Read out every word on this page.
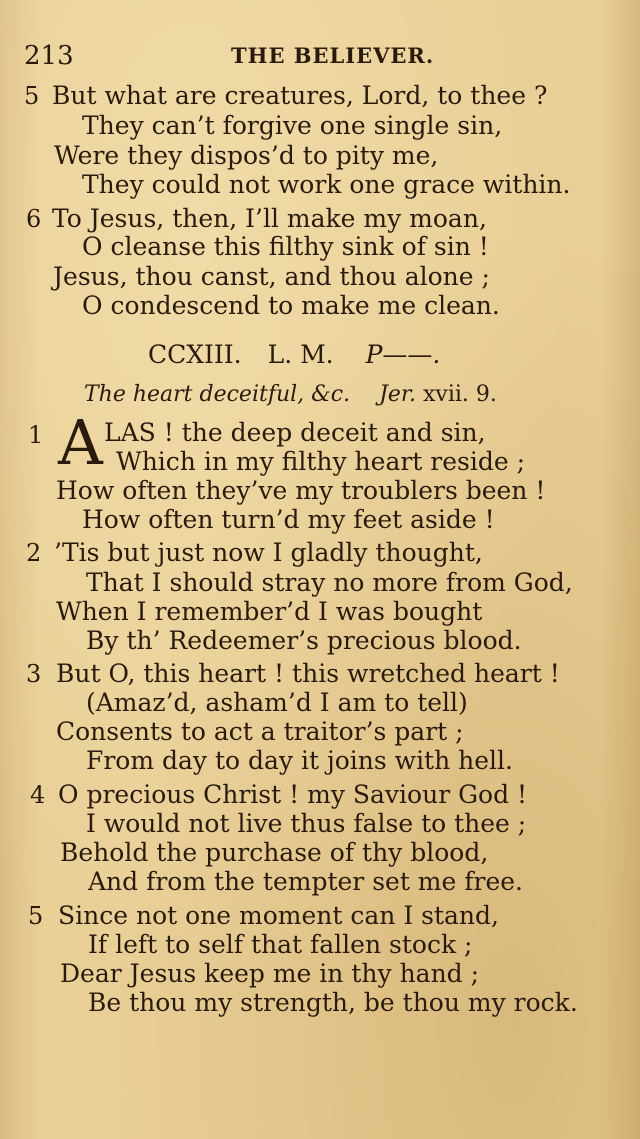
213	THE BELIEVER.
5 But what are creatures, Lord, to thee ?
They can’t forgive one single sin,
Were they dispos’d to pity me,
They could not work one grace within.
6 To Jesus, then, I’ll make my moan,
O cleanse this filthy sink of sin !
Jesus, thou canst, and thou alone ;
O condescend to make me clean.
CCXIII. L. M. P——.
The heart deceitful, &c. Jer. xvii. 9.
1 A LAS ! the deep deceit and sin,
Which in my filthy heart reside ;
How often they’ve my troublers been !
How often turn’d my feet aside !
2 ’Tis but just now I gladly thought,
That I should stray no more from God,
When I remember’d I was bought
By th’ Redeemer’s precious blood.
3 But O, this heart ! this wretched heart !
(Amaz’d, asham’d I am to tell)
Consents to act a traitor’s part ;
From day to day it joins with hell.
4 O precious Christ ! my Saviour God !
I would not live thus false to thee ;
Behold the purchase of thy blood,
And from the tempter set me free.
5 Since not one moment can I stand,
If left to self that fallen stock ;
Dear Jesus keep me in thy hand ;
Be thou my strength, be thou my rock.
